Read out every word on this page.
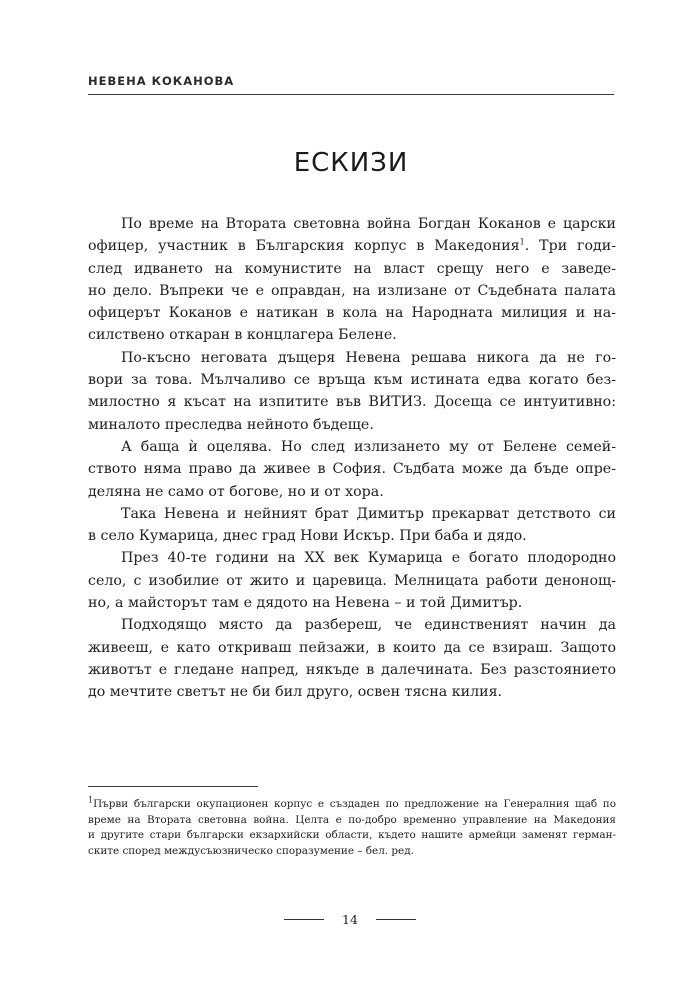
НЕВЕНА КОКАНОВА
ЕСКИЗИ

По време на Втората световна война Богдан Коканов е царски
офицер, участник в Българския корпус в Македония$^1$. Три годи-
след идването на комунистите на власт срещу него е заведе-
но дело. Въпреки че е оправдан, на излизане от Съдебната палата
офицерът Коканов е натикан в кола на Народната милиция и на-
силствено откаран в концлагера Белене.

По-късно неговата дъщеря Невена решава никога да не го-
вори за това. Мълчаливо се връща към истината едва когато без-
милостно я късат на изпитите във ВИТИЗ. Досеща се интуитивно:
миналото преследва нейното бъдеще.

А баща ѝ оцелява. Но след излизането му от Белене семей-
ството няма право да живее в София. Съдбата може да бъде опре-
деляна не само от богове, но и от хора.

Така Невена и нейният брат Димитър прекарват детството си
в село Кумарица, днес град Нови Искър. При баба и дядо.

През 40-те години на XX век Кумарица е богато плодородно
село, с изобилие от жито и царевица. Мелницата работи денонощ-
но, а майсторът там е дядото на Невена – и той Димитър.

Подходящо място да разбереш, че единственият начин да
живееш, е като откриваш пейзажи, в които да се взираш. Защото
животът е гледане напред, някъде в далечината. Без разстоянието
до мечтите светът не би бил друго, освен тясна килия.

$^1$Първи български окупационен корпус е създаден по предложение на Генералния щаб по
време на Втората световна война. Целта е по-добро временно управление на Македония
и другите стари български екзархийски области, където нашите армейци заменят герман-
ските според междусъюзническо споразумение – бел. ред.
14
